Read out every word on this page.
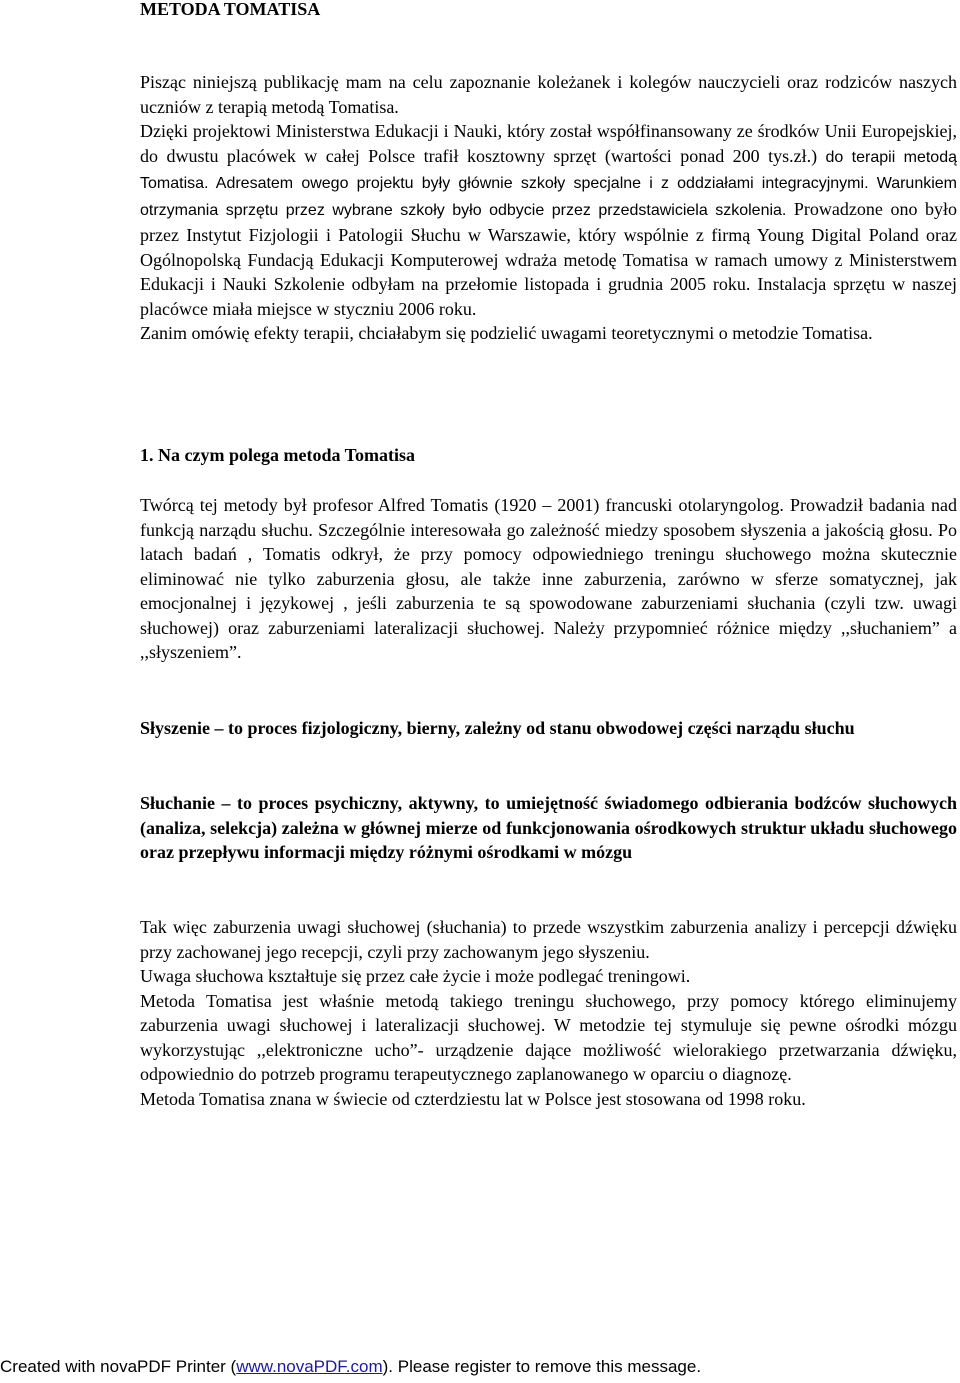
METODA TOMATISA

Pisząc niniejszą publikację mam na celu zapoznanie koleżanek i kolegów nauczycieli oraz rodziców naszych uczniów z terapią metodą Tomatisa.

Dzięki projektowi Ministerstwa Edukacji i Nauki, który został współfinansowany ze środków Unii Europejskiej, do dwustu placówek w całej Polsce trafił kosztowny sprzęt (wartości ponad 200 tys.zł.) do terapii metodą Tomatisa. Adresatem owego projektu były głównie szkoły specjalne i z oddziałami integracyjnymi. Warunkiem otrzymania sprzętu przez wybrane szkoły było odbycie przez przedstawiciela szkolenia. Prowadzone ono było przez Instytut Fizjologii i Patologii Słuchu w Warszawie, który wspólnie z firmą Young Digital Poland oraz Ogólnopolską Fundacją Edukacji Komputerowej wdraża metodę Tomatisa w ramach umowy z Ministerstwem Edukacji i Nauki Szkolenie odbyłam na przełomie listopada i grudnia 2005 roku. Instalacja sprzętu w naszej placówce miała miejsce w styczniu 2006 roku.

Zanim omówię efekty terapii, chciałabym się podzielić uwagami teoretycznymi o metodzie Tomatisa.

1. Na czym polega metoda Tomatisa

Twórcą tej metody był profesor Alfred Tomatis (1920 – 2001) francuski otolaryngolog. Prowadził badania nad funkcją narządu słuchu. Szczególnie interesowała go zależność miedzy sposobem słyszenia a jakością głosu. Po latach badań , Tomatis odkrył, że przy pomocy odpowiedniego treningu słuchowego można skutecznie eliminować nie tylko zaburzenia głosu, ale także inne zaburzenia, zarówno w sferze somatycznej, jak emocjonalnej i językowej , jeśli zaburzenia te są spowodowane zaburzeniami słuchania (czyli tzw. uwagi słuchowej) oraz zaburzeniami lateralizacji słuchowej. Należy przypomnieć różnice między ,,słuchaniem” a ,,słyszeniem”.

Słyszenie – to proces fizjologiczny, bierny, zależny od stanu obwodowej części narządu słuchu

Słuchanie – to proces psychiczny, aktywny, to umiejętność świadomego odbierania bodźców słuchowych (analiza, selekcja) zależna w głównej mierze od funkcjonowania ośrodkowych struktur układu słuchowego oraz przepływu informacji między różnymi ośrodkami w mózgu

Tak więc zaburzenia uwagi słuchowej (słuchania) to przede wszystkim zaburzenia analizy i percepcji dźwięku przy zachowanej jego recepcji, czyli przy zachowanym jego słyszeniu.

Uwaga słuchowa kształtuje się przez całe życie i może podlegać treningowi.

Metoda Tomatisa jest właśnie metodą takiego treningu słuchowego, przy pomocy którego eliminujemy zaburzenia uwagi słuchowej i lateralizacji słuchowej. W metodzie tej stymuluje się pewne ośrodki mózgu wykorzystując ,,elektroniczne ucho”- urządzenie dające możliwość wielorakiego przetwarzania dźwięku, odpowiednio do potrzeb programu terapeutycznego zaplanowanego w oparciu o diagnozę.

Metoda Tomatisa znana w świecie od czterdziestu lat w Polsce jest stosowana od 1998 roku.

Created with novaPDF Printer (www.novaPDF.com). Please register to remove this message.
